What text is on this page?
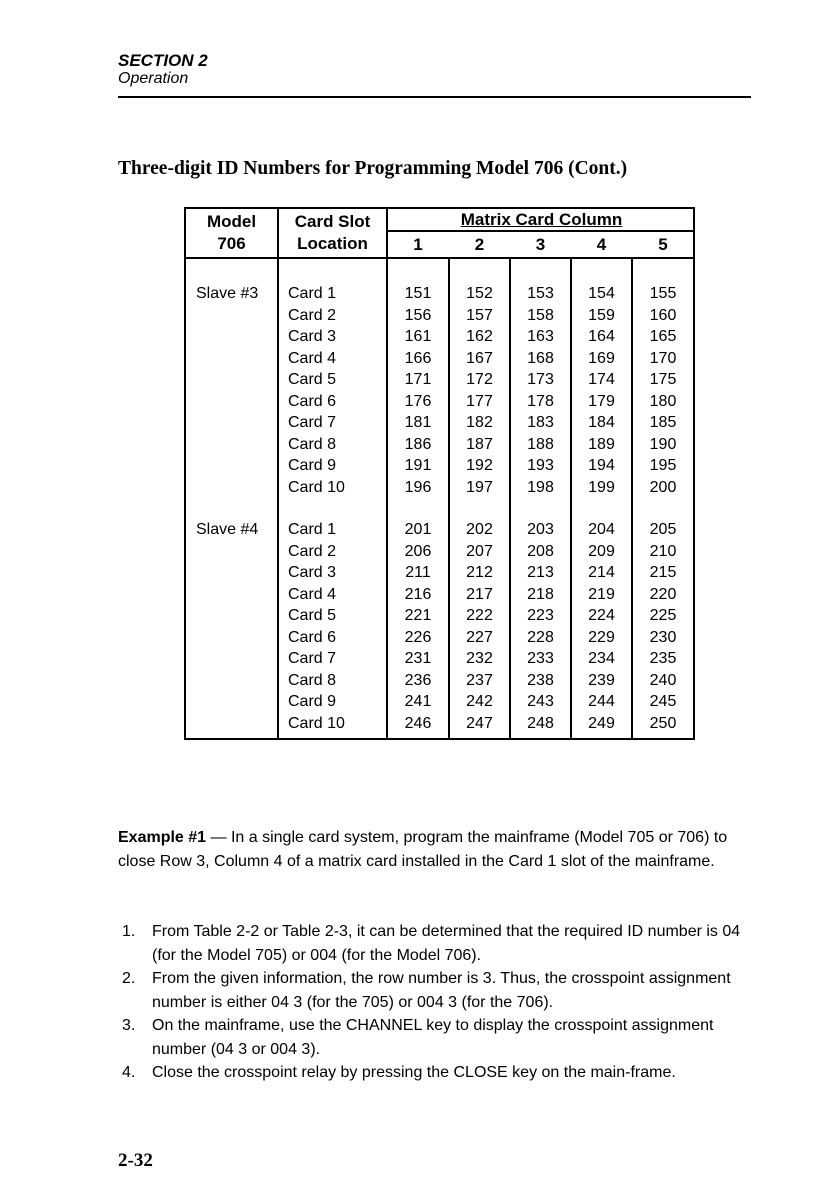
SECTION 2
Operation
Three-digit ID Numbers for Programming Model 706 (Cont.)
Model
706
Card Slot
Location
Matrix Card Column
1	2	3	4	5
Slave #3 Card 1	151	152	153	154	155
Card 2	156	157	158	159	160
Card 3	161	162	163	164	165
Card 4	166	167	168	169	170
Card 5	171	172	173	174	175
Card 6	176	177	178	179	180
Card 7	181	182	183	184	185
Card 8	186	187	188	189	190
Card 9	191	192	193	194	195
Card 10	196	197	198	199	200
Slave #4 Card 1	201	202	203	204	205
Card 2	206	207	208	209	210
Card 3	211	212	213	214	215
Card 4	216	217	218	219	220
Card 5	221	222	223	224	225
Card 6	226	227	228	229	230
Card 7	231	232	233	234	235
Card 8	236	237	238	239	240
Card 9	241	242	243	244	245
Card 10	246	247	248	249	250
Example #1 — In a single card system, program the mainframe (Model 705 or 706) to close Row 3, Column 4 of a matrix card installed in the Card 1 slot of the mainframe.
1. From Table 2-2 or Table 2-3, it can be determined that the required ID number is 04 (for the Model 705) or 004 (for the Model 706).
2. From the given information, the row number is 3. Thus, the crosspoint assignment number is either 04 3 (for the 705) or 004 3 (for the 706).
3. On the mainframe, use the CHANNEL key to display the crosspoint assignment number (04 3 or 004 3).
4. Close the crosspoint relay by pressing the CLOSE key on the main-frame.
2-32
